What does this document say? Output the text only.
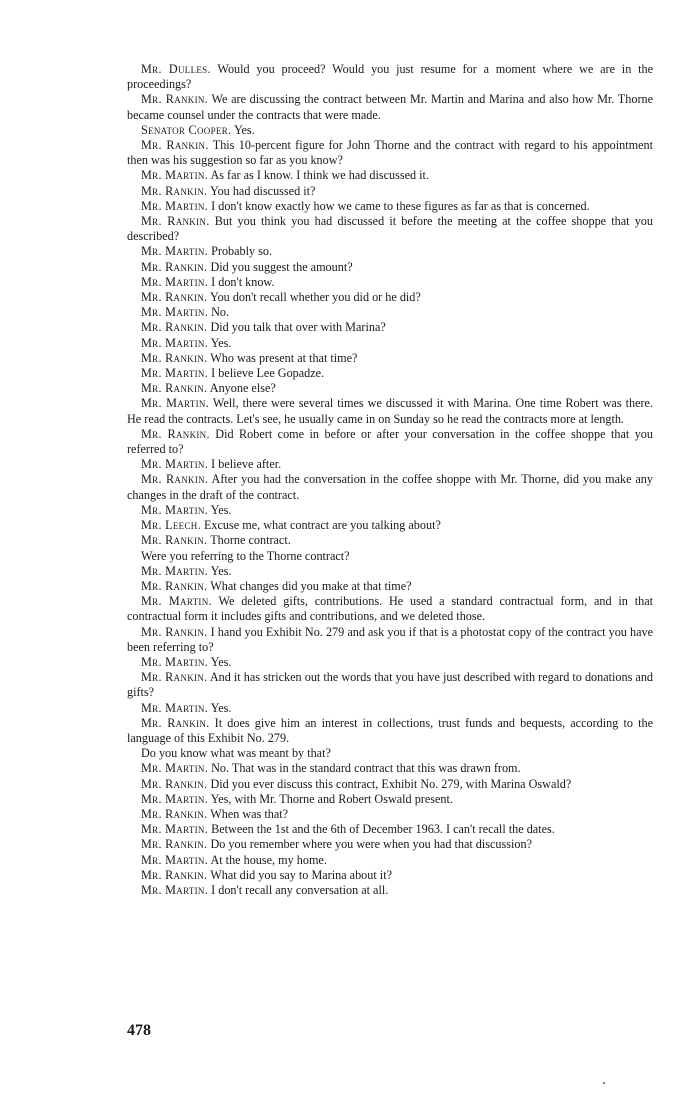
Mr. Dulles. Would you proceed? Would you just resume for a moment where we are in the proceedings?

Mr. Rankin. We are discussing the contract between Mr. Martin and Marina and also how Mr. Thorne became counsel under the contracts that were made.

Senator Cooper. Yes.

Mr. Rankin. This 10-percent figure for John Thorne and the contract with regard to his appointment then was his suggestion so far as you know?

Mr. Martin. As far as I know. I think we had discussed it.

Mr. Rankin. You had discussed it?

Mr. Martin. I don't know exactly how we came to these figures as far as that is concerned.

Mr. Rankin. But you think you had discussed it before the meeting at the coffee shoppe that you described?

Mr. Martin. Probably so.

Mr. Rankin. Did you suggest the amount?

Mr. Martin. I don't know.

Mr. Rankin. You don't recall whether you did or he did?

Mr. Martin. No.

Mr. Rankin. Did you talk that over with Marina?

Mr. Martin. Yes.

Mr. Rankin. Who was present at that time?

Mr. Martin. I believe Lee Gopadze.

Mr. Rankin. Anyone else?

Mr. Martin. Well, there were several times we discussed it with Marina. One time Robert was there. He read the contracts. Let's see, he usually came in on Sunday so he read the contracts more at length.

Mr. Rankin. Did Robert come in before or after your conversation in the coffee shoppe that you referred to?

Mr. Martin. I believe after.

Mr. Rankin. After you had the conversation in the coffee shoppe with Mr. Thorne, did you make any changes in the draft of the contract.

Mr. Martin. Yes.

Mr. Leech. Excuse me, what contract are you talking about?

Mr. Rankin. Thorne contract.

Were you referring to the Thorne contract?

Mr. Martin. Yes.

Mr. Rankin. What changes did you make at that time?

Mr. Martin. We deleted gifts, contributions. He used a standard contractual form, and in that contractual form it includes gifts and contributions, and we deleted those.

Mr. Rankin. I hand you Exhibit No. 279 and ask you if that is a photostat copy of the contract you have been referring to?

Mr. Martin. Yes.

Mr. Rankin. And it has stricken out the words that you have just described with regard to donations and gifts?

Mr. Martin. Yes.

Mr. Rankin. It does give him an interest in collections, trust funds and bequests, according to the language of this Exhibit No. 279.

Do you know what was meant by that?

Mr. Martin. No. That was in the standard contract that this was drawn from.

Mr. Rankin. Did you ever discuss this contract, Exhibit No. 279, with Marina Oswald?

Mr. Martin. Yes, with Mr. Thorne and Robert Oswald present.

Mr. Rankin. When was that?

Mr. Martin. Between the 1st and the 6th of December 1963. I can't recall the dates.

Mr. Rankin. Do you remember where you were when you had that discussion?

Mr. Martin. At the house, my home.

Mr. Rankin. What did you say to Marina about it?

Mr. Martin. I don't recall any conversation at all.

478
